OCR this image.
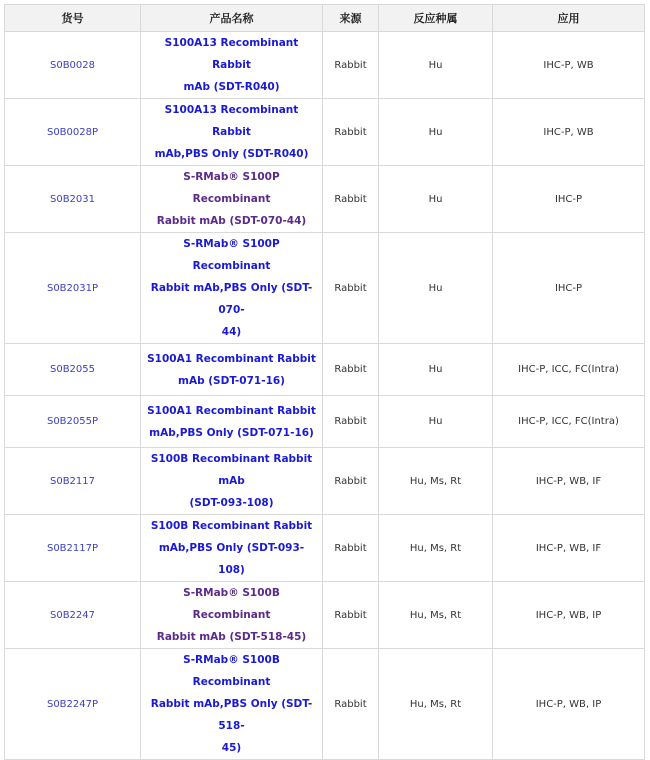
货号	产品名称	来源	反应种属	应用
S0B0028	S100A13 Recombinant Rabbit
mAb (SDT-R040)	Rabbit	Hu	IHC-P, WB
S0B0028P	S100A13 Recombinant Rabbit
mAb,PBS Only (SDT-R040)	Rabbit	Hu	IHC-P, WB
S0B2031	S-RMab® S100P Recombinant
Rabbit mAb (SDT-070-44)	Rabbit	Hu	IHC-P
S0B2031P	S-RMab® S100P Recombinant
Rabbit mAb,PBS Only (SDT-070-
44)	Rabbit	Hu	IHC-P
S0B2055	S100A1 Recombinant Rabbit
mAb (SDT-071-16)	Rabbit	Hu	IHC-P, ICC, FC(Intra)
S0B2055P	S100A1 Recombinant Rabbit
mAb,PBS Only (SDT-071-16)	Rabbit	Hu	IHC-P, ICC, FC(Intra)
S0B2117	S100B Recombinant Rabbit mAb
(SDT-093-108)	Rabbit	Hu, Ms, Rt	IHC-P, WB, IF
S0B2117P	S100B Recombinant Rabbit
mAb,PBS Only (SDT-093-108)	Rabbit	Hu, Ms, Rt	IHC-P, WB, IF
S0B2247	S-RMab® S100B Recombinant
Rabbit mAb (SDT-518-45)	Rabbit	Hu, Ms, Rt	IHC-P, WB, IP
S0B2247P	S-RMab® S100B Recombinant
Rabbit mAb,PBS Only (SDT-518-
45)	Rabbit	Hu, Ms, Rt	IHC-P, WB, IP
